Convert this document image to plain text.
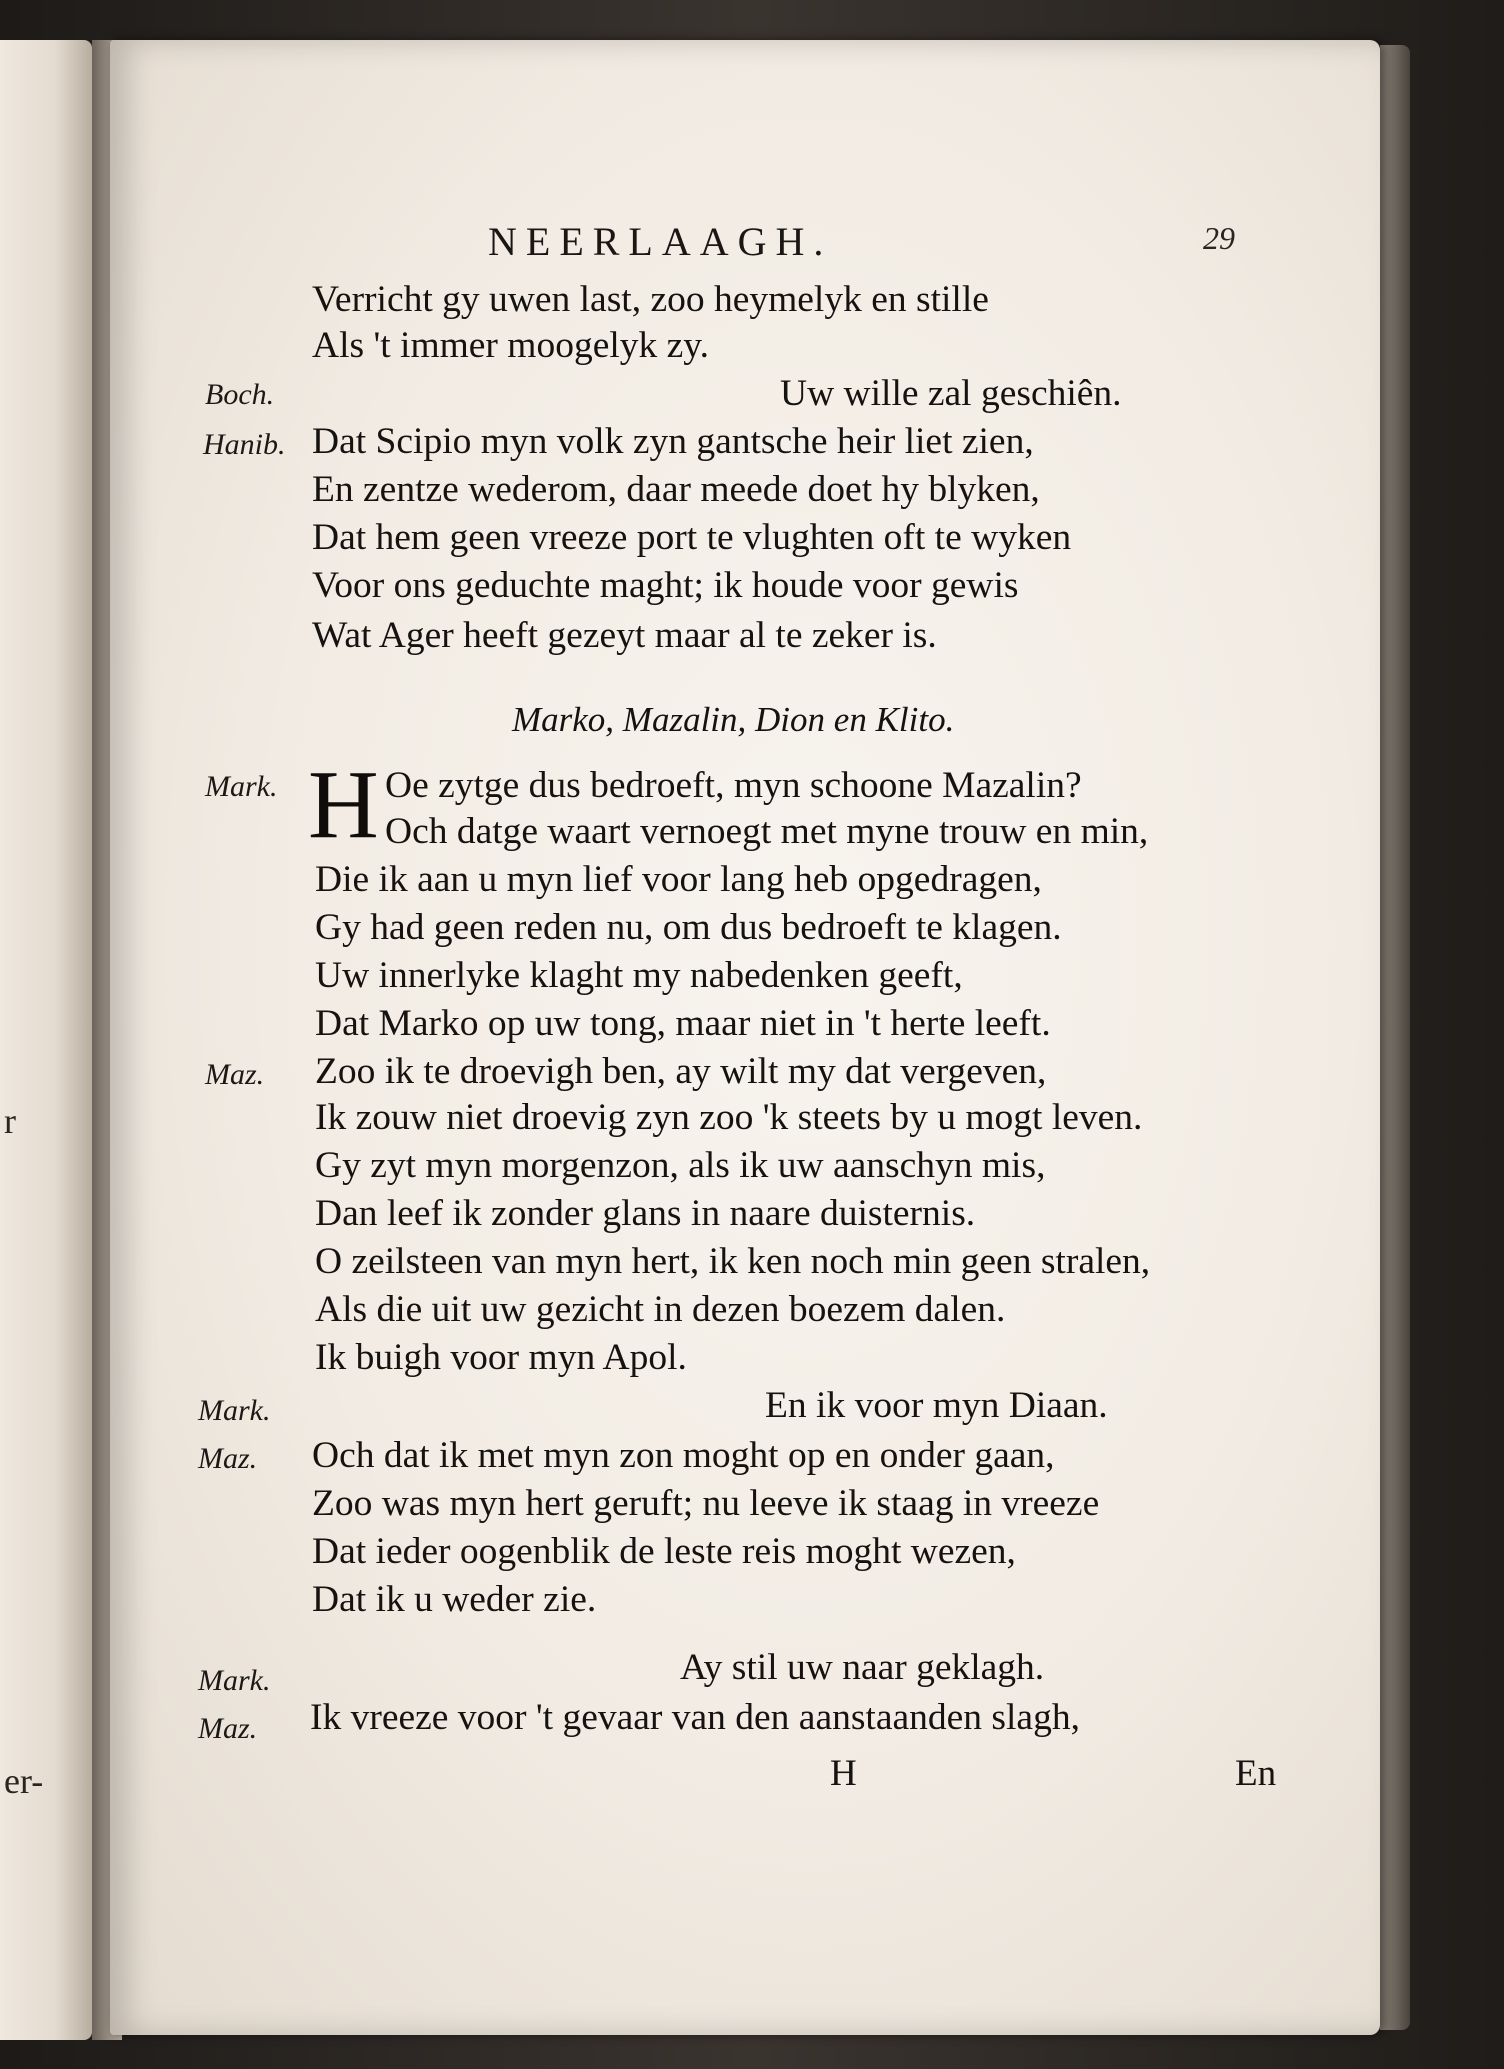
r
er-
NEERLAAGH.	29
Verricht gy uwen last, zoo heymelyk en stille
Als 't immer moogelyk zy.
Boch.	Uw wille zal geschiên.
Hanib. Dat Scipio myn volk zyn gantsche heir liet zien,
En zentze wederom, daar meede doet hy blyken,
Dat hem geen vreeze port te vlughten oft te wyken
Voor ons geduchte maght; ik houde voor gewis
Wat Ager heeft gezeyt maar al te zeker is.
Marko, Mazalin, Dion en Klito.
Mark. H Oe zytge dus bedroeft, myn schoone Mazalin?
Och datge waart vernoegt met myne trouw en min,
Die ik aan u myn lief voor lang heb opgedragen,
Gy had geen reden nu, om dus bedroeft te klagen.
Uw innerlyke klaght my nabedenken geeft,
Dat Marko op uw tong, maar niet in 't herte leeft.
Maz. Zoo ik te droevigh ben, ay wilt my dat vergeven,
Ik zouw niet droevig zyn zoo 'k steets by u mogt leven.
Gy zyt myn morgenzon, als ik uw aanschyn mis,
Dan leef ik zonder glans in naare duisternis.
O zeilsteen van myn hert, ik ken noch min geen stralen,
Als die uit uw gezicht in dezen boezem dalen.
Ik buigh voor myn Apol.
Mark.	En ik voor myn Diaan.
Maz. Och dat ik met myn zon moght op en onder gaan,
Zoo was myn hert geruft; nu leeve ik staag in vreeze
Dat ieder oogenblik de leste reis moght wezen,
Dat ik u weder zie.
Mark.	Ay stil uw naar geklagh.
Maz. Ik vreeze voor 't gevaar van den aanstaanden slagh,
H	En
